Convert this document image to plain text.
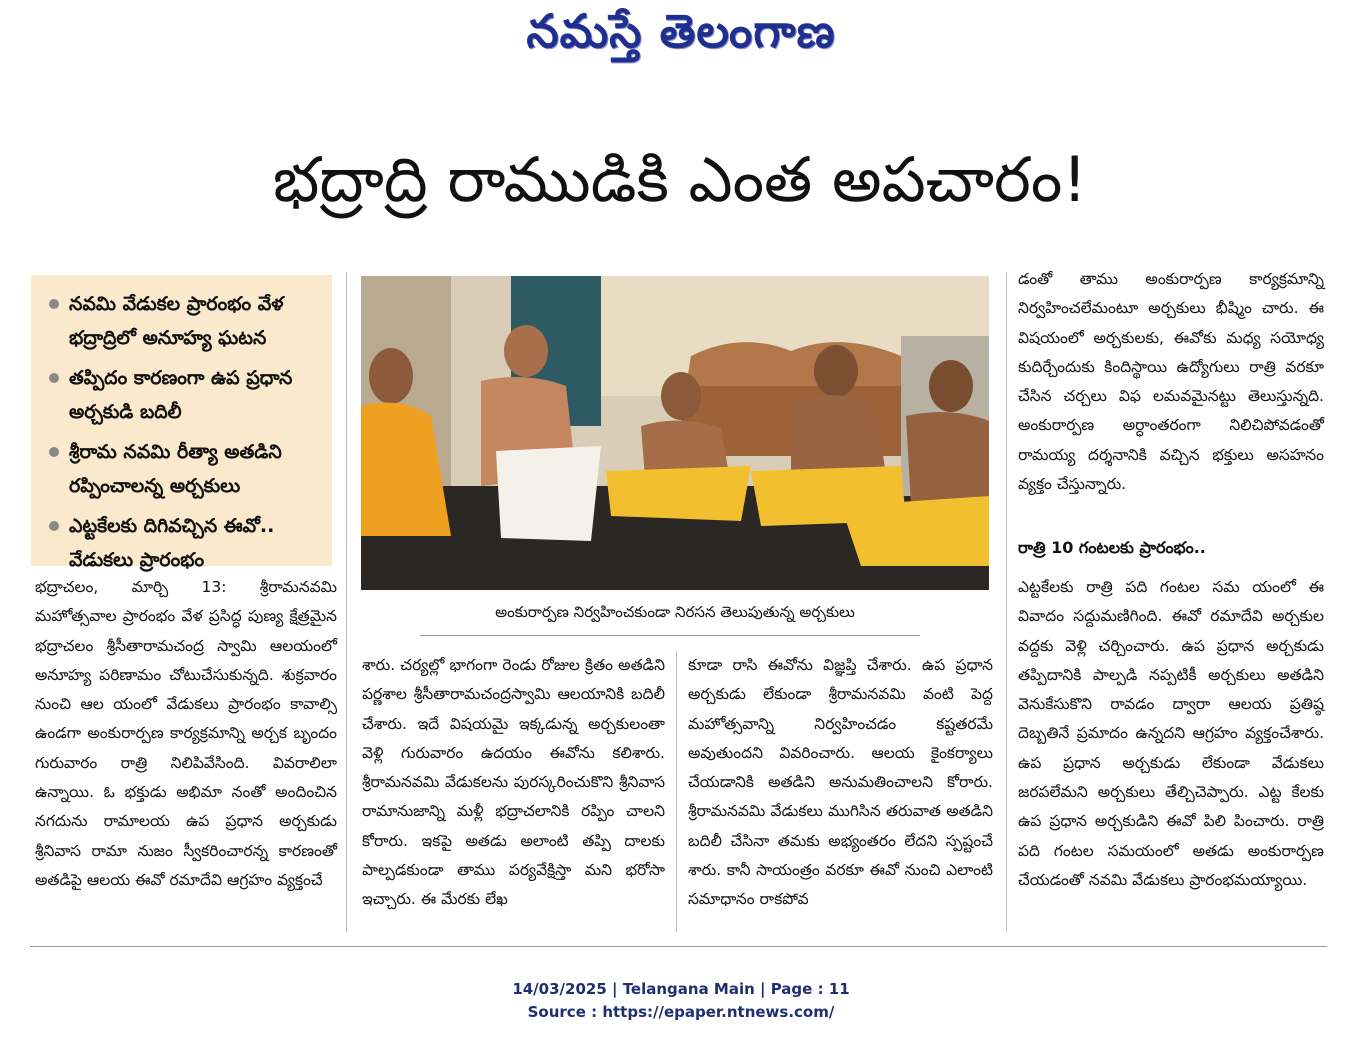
నమస్తే తెలంగాణ
భద్రాద్రి రాముడికి ఎంత అపచారం!
నవమి వేడుకల ప్రారంభం వేళ భద్రాద్రిలో అనూహ్య ఘటన
తప్పిదం కారణంగా ఉప ప్రధాన అర్చకుడి బదిలీ
శ్రీరామ నవమి రీత్యా అతడిని రప్పించాలన్న అర్చకులు
ఎట్టకేలకు దిగివచ్చిన ఈవో.. వేడుకలు ప్రారంభం
అంకురార్పణ నిర్వహించకుండా నిరసన తెలుపుతున్న అర్చకులు
భద్రాచలం, మార్చి 13: శ్రీరామనవమి మహోత్సవాల ప్రారంభం వేళ ప్రసిద్ధ పుణ్య క్షేత్రమైన భద్రాచలం శ్రీసీతారామచంద్ర స్వామి ఆలయంలో అనూహ్య పరిణామం చోటుచేసుకున్నది. శుక్రవారం నుంచి ఆల యంలో వేడుకలు ప్రారంభం కావాల్సి ఉండగా అంకురార్పణ కార్యక్రమాన్ని అర్చక బృందం గురువారం రాత్రి నిలిపివేసింది. వివరాలిలా ఉన్నాయి. ఓ భక్తుడు అభిమా నంతో అందించిన నగదును రామాలయ ఉప ప్రధాన అర్చకుడు శ్రీనివాస రామా నుజం స్వీకరించారన్న కారణంతో అతడిపై ఆలయ ఈవో రమాదేవి ఆగ్రహం వ్యక్తంచే
శారు. చర్యల్లో భాగంగా రెండు రోజుల క్రితం అతడిని పర్ణశాల శ్రీసీతారామచంద్రస్వామి ఆలయానికి బదిలీ చేశారు. ఇదే విషయమై ఇక్కడున్న అర్చకులంతా వెళ్లి గురువారం ఉదయం ఈవోను కలిశారు. శ్రీరామనవమి వేడుకలను పురస్కరించుకొని శ్రీనివాస రామానుజాన్ని మళ్లీ భద్రాచలానికి రప్పిం చాలని కోరారు. ఇకపై అతడు అలాంటి తప్పి దాలకు పాల్పడకుండా తాము పర్యవేక్షిస్తా మని భరోసా ఇచ్చారు. ఈ మేరకు లేఖ
కూడా రాసి ఈవోను విజ్ఞప్తి చేశారు. ఉప ప్రధాన అర్చకుడు లేకుండా శ్రీరామనవమి వంటి పెద్ద మహోత్సవాన్ని నిర్వహించడం కష్టతరమే అవుతుందని వివరించారు. ఆలయ కైంకర్యాలు చేయడానికి అతడిని అనుమతించాలని కోరారు. శ్రీరామనవమి వేడుకలు ముగిసిన తరువాత అతడిని బదిలీ చేసినా తమకు అభ్యంతరం లేదని స్పష్టంచే శారు. కానీ సాయంత్రం వరకూ ఈవో నుంచి ఎలాంటి సమాధానం రాకపోవ
డంతో తాము అంకురార్పణ కార్యక్రమాన్ని నిర్వహించలేమంటూ అర్చకులు భీష్మిం చారు. ఈ విషయంలో అర్చకులకు, ఈవోకు మధ్య సయోధ్య కుదిర్చేందుకు కిందిస్థాయి ఉద్యోగులు రాత్రి వరకూ చేసిన చర్చలు విఫ లమవమైనట్టు తెలుస్తున్నది. అంకురార్పణ అర్ధాంతరంగా నిలిచిపోవడంతో రామయ్య దర్శనానికి వచ్చిన భక్తులు అసహనం వ్యక్తం చేస్తున్నారు.
రాత్రి 10 గంటలకు ప్రారంభం..
ఎట్టకేలకు రాత్రి పది గంటల సమ యంలో ఈ వివాదం సద్దుమణిగింది. ఈవో రమాదేవి అర్చకుల వద్దకు వెళ్లి చర్చించారు. ఉప ప్రధాన అర్చకుడు తప్పిదానికి పాల్పడి నప్పటికీ అర్చకులు అతడిని వెనుకేసుకొని రావడం ద్వారా ఆలయ ప్రతిష్ఠ దెబ్బతినే ప్రమాదం ఉన్నదని ఆగ్రహం వ్యక్తంచేశారు. ఉప ప్రధాన అర్చకుడు లేకుండా వేడుకలు జరపలేమని అర్చకులు తేల్చిచెప్పారు. ఎట్ట కేలకు ఉప ప్రధాన అర్చకుడిని ఈవో పిలి పించారు. రాత్రి పది గంటల సమయంలో అతడు అంకురార్పణ చేయడంతో నవమి వేడుకలు ప్రారంభమయ్యాయి.
14/03/2025 | Telangana Main | Page : 11
Source : https://epaper.ntnews.com/
